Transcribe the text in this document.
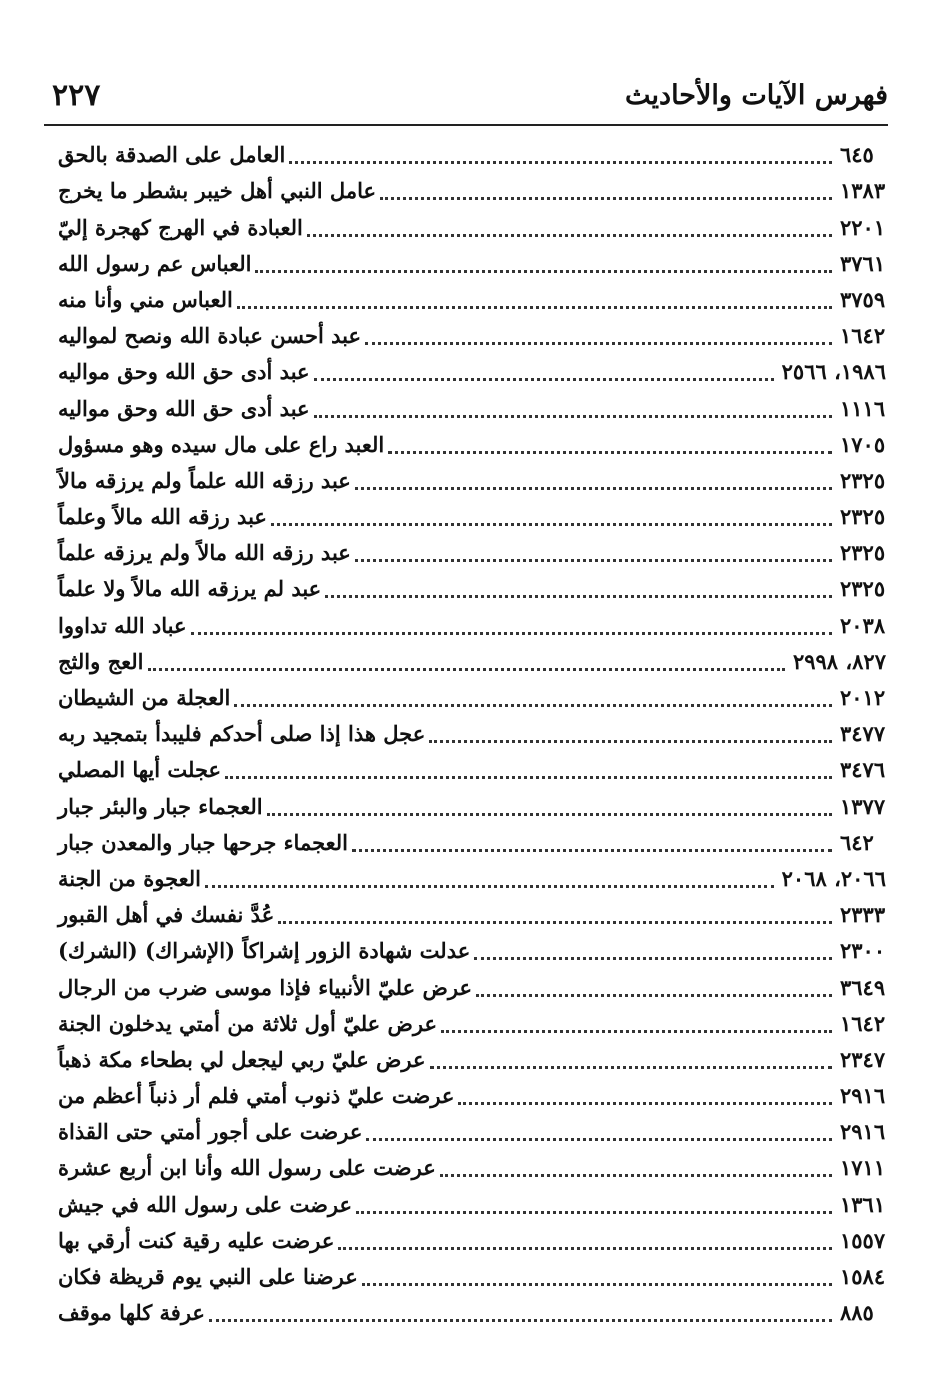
فهرس الآيات والأحاديث
٢٢٧
العامل على الصدقة بالحق	٦٤٥
عامل النبي أهل خيبر بشطر ما يخرج	١٣٨٣
العبادة في الهرج كهجرة إليّ	٢٢٠١
العباس عم رسول الله	٣٧٦١
العباس مني وأنا منه	٣٧٥٩
عبد أحسن عبادة الله ونصح لمواليه	١٦٤٢
عبد أدى حق الله وحق مواليه	١٩٨٦، ٢٥٦٦
عبد أدى حق الله وحق مواليه	١١١٦
العبد راع على مال سيده وهو مسؤول	١٧٠٥
عبد رزقه الله علماً ولم يرزقه مالاً	٢٣٢٥
عبد رزقه الله مالاً وعلماً	٢٣٢٥
عبد رزقه الله مالاً ولم يرزقه علماً	٢٣٢٥
عبد لم يرزقه الله مالاً ولا علماً	٢٣٢٥
عباد الله تداووا	٢٠٣٨
العج والثج	٨٢٧، ٢٩٩٨
العجلة من الشيطان	٢٠١٢
عجل هذا إذا صلى أحدكم فليبدأ بتمجيد ربه	٣٤٧٧
عجلت أيها المصلي	٣٤٧٦
العجماء جبار والبئر جبار	١٣٧٧
العجماء جرحها جبار والمعدن جبار	٦٤٢
العجوة من الجنة	٢٠٦٦، ٢٠٦٨
عُدَّ نفسك في أهل القبور	٢٣٣٣
عدلت شهادة الزور إشراكاً (الإشراك) (الشرك)	٢٣٠٠
عرض عليّ الأنبياء فإذا موسى ضرب من الرجال	٣٦٤٩
عرض عليّ أول ثلاثة من أمتي يدخلون الجنة	١٦٤٢
عرض عليّ ربي ليجعل لي بطحاء مكة ذهباً	٢٣٤٧
عرضت عليّ ذنوب أمتي فلم أر ذنباً أعظم من	٢٩١٦
عرضت على أجور أمتي حتى القذاة	٢٩١٦
عرضت على رسول الله وأنا ابن أربع عشرة	١٧١١
عرضت على رسول الله في جيش	١٣٦١
عرضت عليه رقية كنت أرقي بها	١٥٥٧
عرضنا على النبي يوم قريظة فكان	١٥٨٤
عرفة كلها موقف	٨٨٥
